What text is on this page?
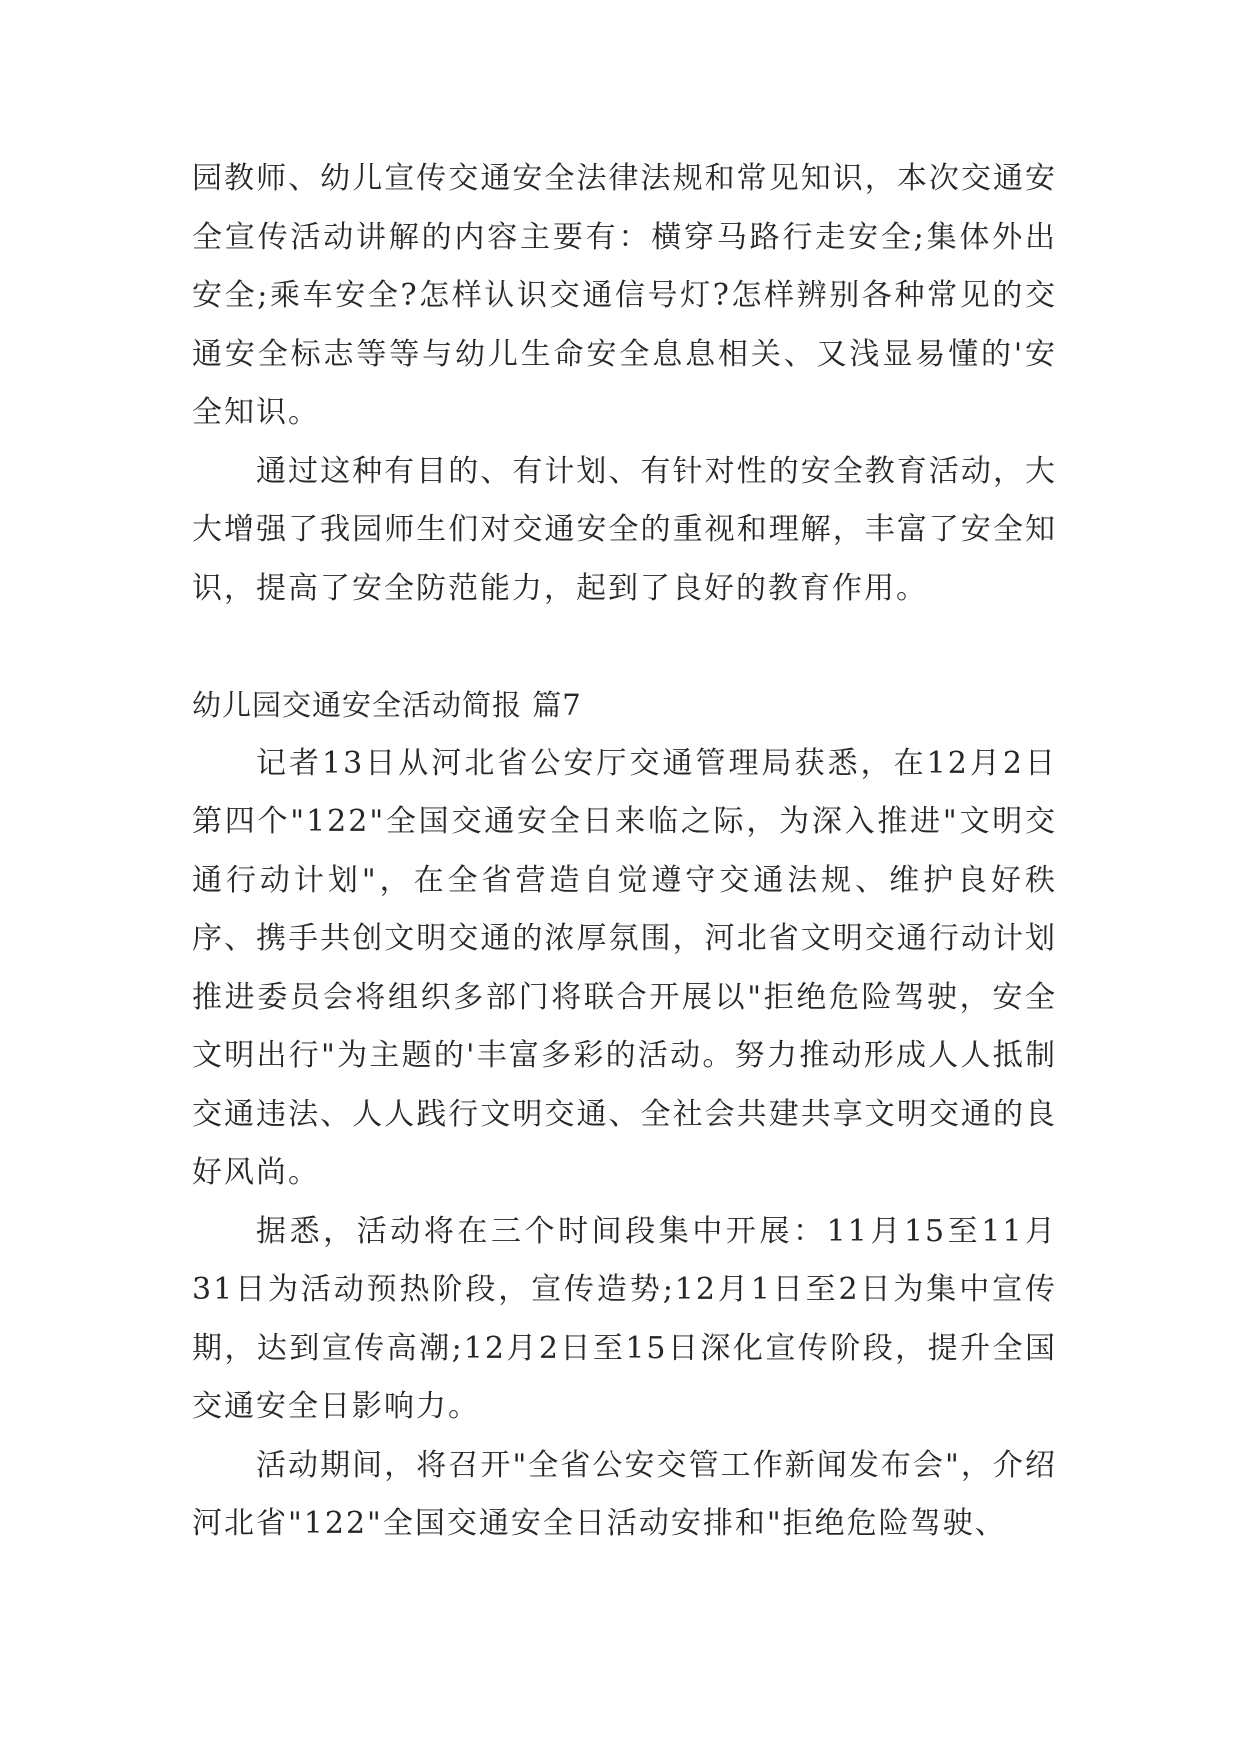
园教师、幼儿宣传交通安全法律法规和常见知识，本次交通安全宣传活动讲解的内容主要有：横穿马路行走安全;集体外出安全;乘车安全?怎样认识交通信号灯?怎样辨别各种常见的交通安全标志等等与幼儿生命安全息息相关、又浅显易懂的'安全知识。

通过这种有目的、有计划、有针对性的安全教育活动，大大增强了我园师生们对交通安全的重视和理解，丰富了安全知识，提高了安全防范能力，起到了良好的教育作用。

幼儿园交通安全活动简报 篇7

记者13日从河北省公安厅交通管理局获悉，在12月2日第四个"122"全国交通安全日来临之际，为深入推进"文明交通行动计划"，在全省营造自觉遵守交通法规、维护良好秩序、携手共创文明交通的浓厚氛围，河北省文明交通行动计划推进委员会将组织多部门将联合开展以"拒绝危险驾驶，安全文明出行"为主题的'丰富多彩的活动。努力推动形成人人抵制交通违法、人人践行文明交通、全社会共建共享文明交通的良好风尚。

据悉，活动将在三个时间段集中开展：11月15至11月31日为活动预热阶段，宣传造势;12月1日至2日为集中宣传期，达到宣传高潮;12月2日至15日深化宣传阶段，提升全国交通安全日影响力。

活动期间，将召开"全省公安交管工作新闻发布会"，介绍河北省"122"全国交通安全日活动安排和"拒绝危险驾驶、
